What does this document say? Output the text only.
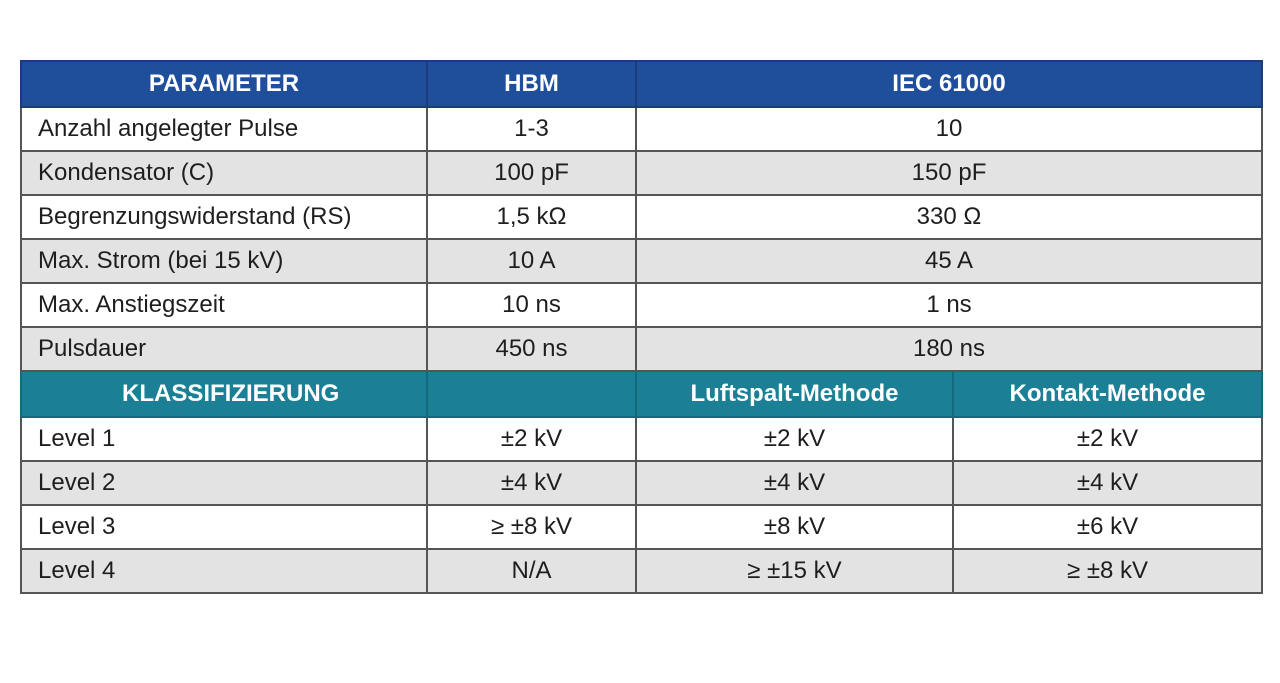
PARAMETER	HBM	IEC 61000	
Anzahl angelegter Pulse	1-3	10	
Kondensator (C)	100 pF	150 pF	
Begrenzungswiderstand (RS)	1,5 kΩ	330 Ω	
Max. Strom (bei 15 kV)	10 A	45 A	
Max. Anstiegszeit	10 ns	1 ns	
Pulsdauer	450 ns	180 ns	
KLASSIFIZIERUNG		Luftspalt-Methode	Kontakt-Methode
Level 1	±2 kV	±2 kV	±2 kV
Level 2	±4 kV	±4 kV	±4 kV
Level 3	≥ ±8 kV	±8 kV	±6 kV
Level 4	N/A	≥ ±15 kV	≥ ±8 kV
